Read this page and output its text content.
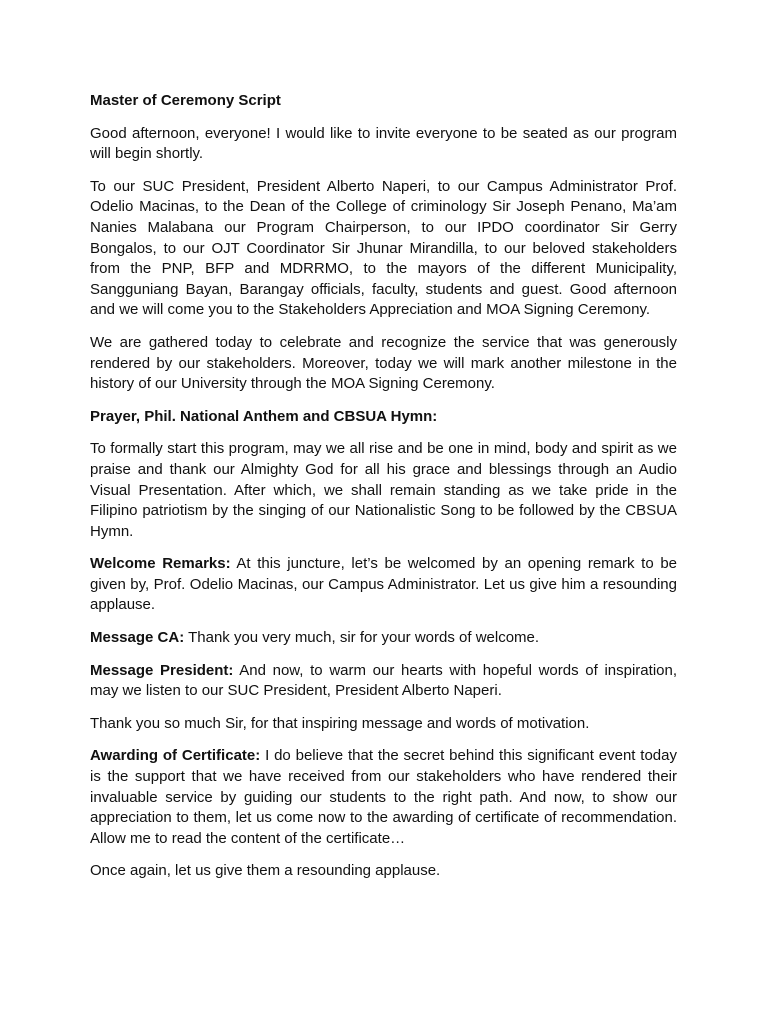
Master of Ceremony Script

Good afternoon, everyone! I would like to invite everyone to be seated as our program will begin shortly.

To our SUC President, President Alberto Naperi, to our Campus Administrator Prof. Odelio Macinas, to the Dean of the College of criminology Sir Joseph Penano, Ma’am Nanies Malabana our Program Chairperson, to our IPDO coordinator Sir Gerry Bongalos, to our OJT Coordinator Sir Jhunar Mirandilla, to our beloved stakeholders from the PNP, BFP and MDRRMO, to the mayors of the different Municipality, Sangguniang Bayan, Barangay officials, faculty, students and guest. Good afternoon and we will come you to the Stakeholders Appreciation and MOA Signing Ceremony.

We are gathered today to celebrate and recognize the service that was generously rendered by our stakeholders. Moreover, today we will mark another milestone in the history of our University through the MOA Signing Ceremony.

Prayer, Phil. National Anthem and CBSUA Hymn:

To formally start this program, may we all rise and be one in mind, body and spirit as we praise and thank our Almighty God for all his grace and blessings through an Audio Visual Presentation. After which, we shall remain standing as we take pride in the Filipino patriotism by the singing of our Nationalistic Song to be followed by the CBSUA Hymn.

Welcome Remarks: At this juncture, let’s be welcomed by an opening remark to be given by, Prof. Odelio Macinas, our Campus Administrator. Let us give him a resounding applause.

Message CA: Thank you very much, sir for your words of welcome.

Message President: And now, to warm our hearts with hopeful words of inspiration, may we listen to our SUC President, President Alberto Naperi.

Thank you so much Sir, for that inspiring message and words of motivation.

Awarding of Certificate: I do believe that the secret behind this significant event today is the support that we have received from our stakeholders who have rendered their invaluable service by guiding our students to the right path. And now, to show our appreciation to them, let us come now to the awarding of certificate of recommendation. Allow me to read the content of the certificate…

Once again, let us give them a resounding applause.
